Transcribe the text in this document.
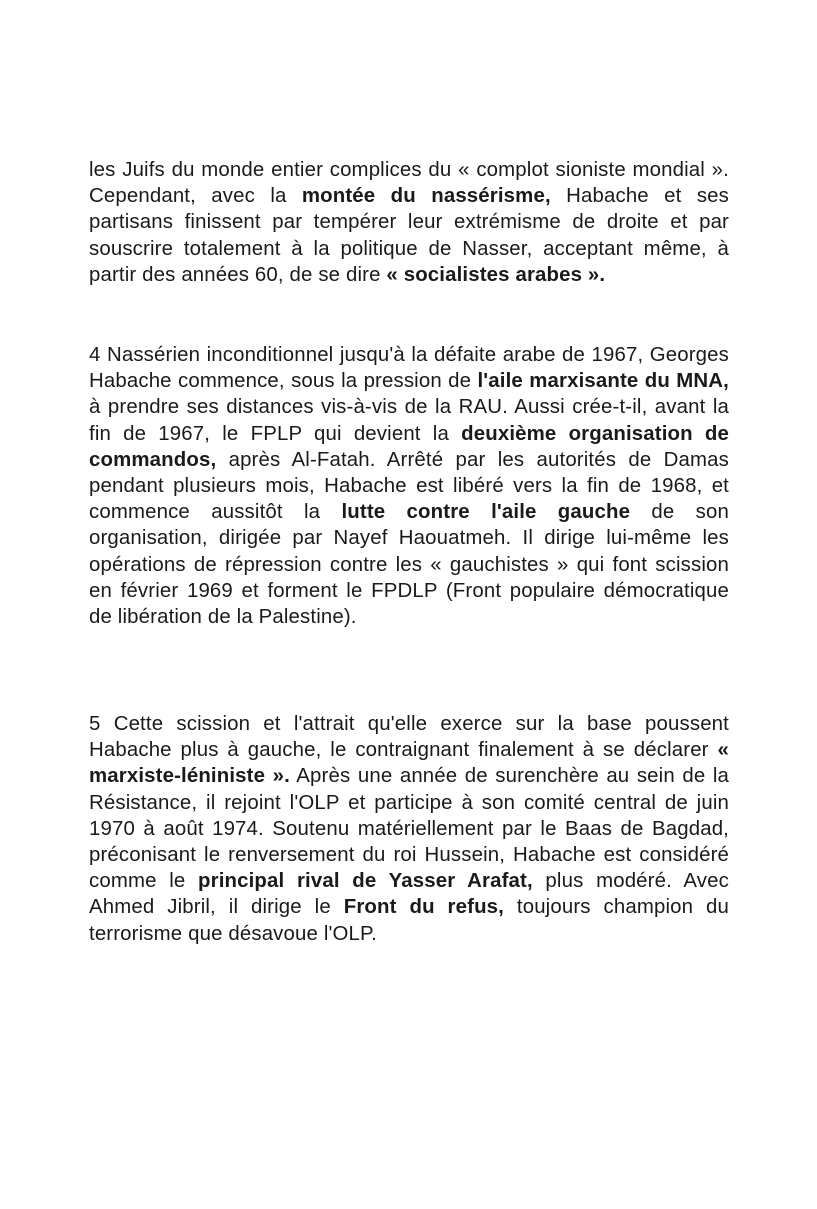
les Juifs du monde entier complices du « complot sioniste mondial ». Cependant, avec la montée du nassérisme, Habache et ses partisans finissent par tempérer leur extrémisme de droite et par souscrire totalement à la politique de Nasser, acceptant même, à partir des années 60, de se dire « socialistes arabes ».

4 Nassérien inconditionnel jusqu'à la défaite arabe de 1967, Georges Habache commence, sous la pression de l'aile marxisante du MNA, à prendre ses distances vis-à-vis de la RAU. Aussi crée-t-il, avant la fin de 1967, le FPLP qui devient la deuxième organisation de commandos, après Al-Fatah. Arrêté par les autorités de Damas pendant plusieurs mois, Habache est libéré vers la fin de 1968, et commence aussitôt la lutte contre l'aile gauche de son organisation, dirigée par Nayef Haouatmeh. Il dirige lui-même les opérations de répression contre les « gauchistes » qui font scission en février 1969 et forment le FPDLP (Front populaire démocratique de libération de la Palestine).

5 Cette scission et l'attrait qu'elle exerce sur la base poussent Habache plus à gauche, le contraignant finalement à se déclarer « marxiste-léniniste ». Après une année de surenchère au sein de la Résistance, il rejoint l'OLP et participe à son comité central de juin 1970 à août 1974. Soutenu matériellement par le Baas de Bagdad, préconisant le renversement du roi Hussein, Habache est considéré comme le principal rival de Yasser Arafat, plus modéré. Avec Ahmed Jibril, il dirige le Front du refus, toujours champion du terrorisme que désavoue l'OLP.
